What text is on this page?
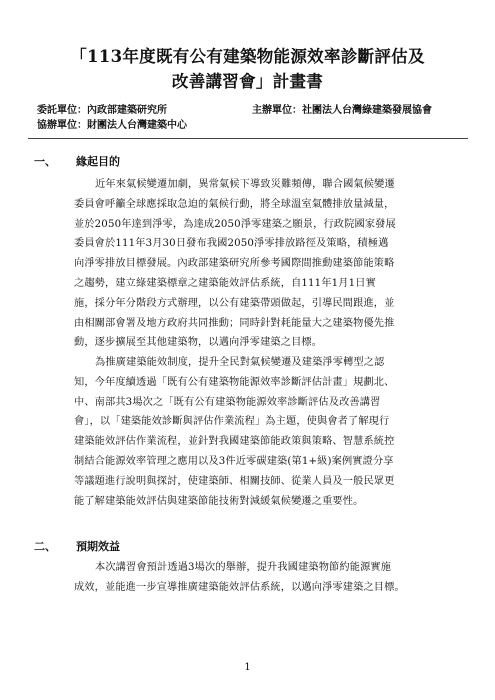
「113年度既有公有建築物能源效率診斷評估及
改善講習會」計畫書
委託單位：內政部建築研究所	主辦單位：社團法人台灣綠建築發展協會
協辦單位：財團法人台灣建築中心
一、 緣起目的
近年來氣候變遷加劇，異常氣候下導致災難頻傳，聯合國氣候變遷
委員會呼籲全球應採取急迫的氣候行動，將全球溫室氣體排放量減量，
並於2050年達到淨零，為達成2050淨零建築之願景，行政院國家發展
委員會於111年3月30日發布我國2050淨零排放路徑及策略，積極邁
向淨零排放目標發展。內政部建築研究所參考國際間推動建築節能策略
之趨勢，建立綠建築標章之建築能效評估系統，自111年1月1日實
施，採分年分階段方式辦理，以公有建築帶頭做起，引導民間跟進，並
由相關部會署及地方政府共同推動；同時針對耗能量大之建築物優先推
動，逐步擴展至其他建築物，以邁向淨零建築之目標。
為推廣建築能效制度，提升全民對氣候變遷及建築淨零轉型之認
知，今年度續透過「既有公有建築物能源效率診斷評估計畫」規劃北、
中、南部共3場次之「既有公有建築物能源效率診斷評估及改善講習
會」，以「建築能效診斷與評估作業流程」為主題，使與會者了解現行
建築能效評估作業流程，並針對我國建築節能政策與策略、智慧系統控
制結合能源效率管理之應用以及3件近零碳建築(第1+級)案例實證分享
等議題進行說明與探討，使建築師、相關技師、從業人員及一般民眾更
能了解建築能效評估與建築節能技術對減緩氣候變遷之重要性。
二、 預期效益
本次講習會預計透過3場次的舉辦，提升我國建築物節約能源實施
成效，並能進一步宣導推廣建築能效評估系統，以邁向淨零建築之目標。
1
